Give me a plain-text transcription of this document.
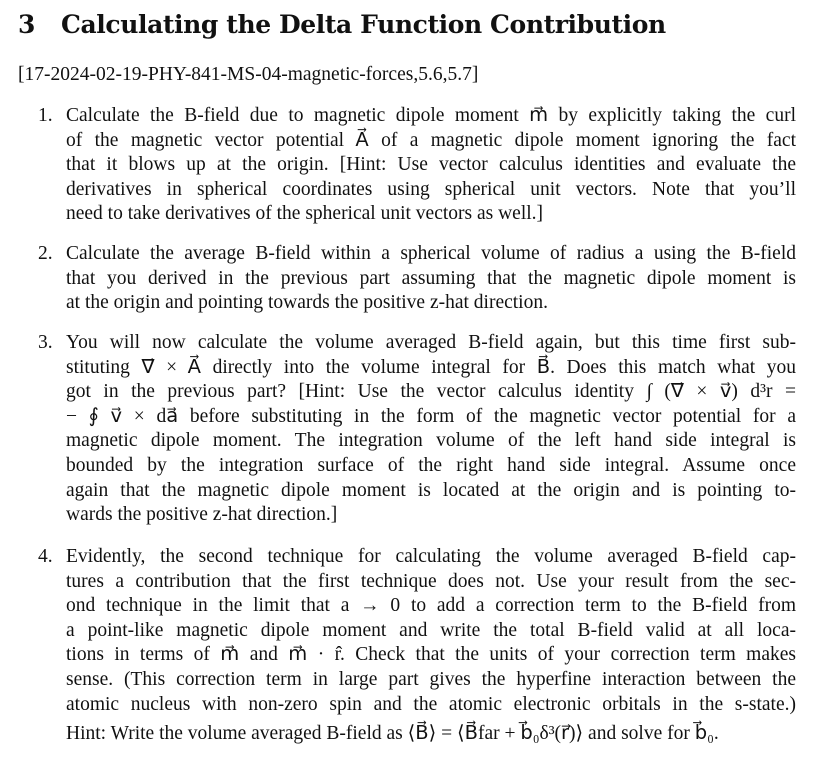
3 Calculating the Delta Function Contribution
[17-2024-02-19-PHY-841-MS-04-magnetic-forces,5.6,5.7]
1. Calculate the B-field due to magnetic dipole moment m⃗ by explicitly taking the curl
of the magnetic vector potential A⃗ of a magnetic dipole moment ignoring the fact
that it blows up at the origin. [Hint: Use vector calculus identities and evaluate the
derivatives in spherical coordinates using spherical unit vectors. Note that you’ll
need to take derivatives of the spherical unit vectors as well.]
2. Calculate the average B-field within a spherical volume of radius a using the B-field
that you derived in the previous part assuming that the magnetic dipole moment is
at the origin and pointing towards the positive z-hat direction.
3. You will now calculate the volume averaged B-field again, but this time first sub-
stituting ∇⃗ × A⃗ directly into the volume integral for B⃗. Does this match what you
got in the previous part? [Hint: Use the vector calculus identity ∫ (∇⃗ × v⃗) d³r =
− ∮ v⃗ × da⃗ before substituting in the form of the magnetic vector potential for a
magnetic dipole moment. The integration volume of the left hand side integral is
bounded by the integration surface of the right hand side integral. Assume once
again that the magnetic dipole moment is located at the origin and is pointing to-
wards the positive z-hat direction.]
4. Evidently, the second technique for calculating the volume averaged B-field cap-
tures a contribution that the first technique does not. Use your result from the sec-
ond technique in the limit that a → 0 to add a correction term to the B-field from
a point-like magnetic dipole moment and write the total B-field valid at all loca-
tions in terms of m⃗ and m⃗ · r̂. Check that the units of your correction term makes
sense. (This correction term in large part gives the hyperfine interaction between the
atomic nucleus with non-zero spin and the atomic electronic orbitals in the s-state.)
Hint: Write the volume averaged B-field as ⟨B⃗⟩ = ⟨B⃗far + b⃗₀δ³(r⃗)⟩ and solve for b⃗₀.
